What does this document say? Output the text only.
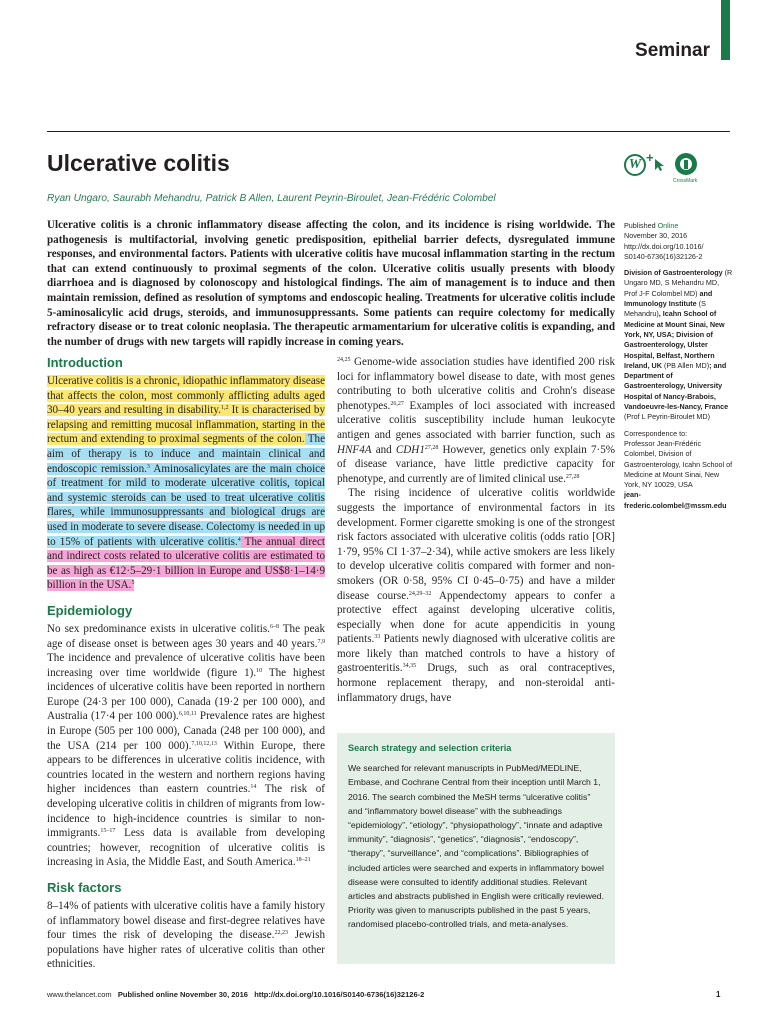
Seminar
Ulcerative colitis
Ryan Ungaro, Saurabh Mehandru, Patrick B Allen, Laurent Peyrin-Biroulet, Jean-Frédéric Colombel
W +
CrossMark

Ulcerative colitis is a chronic inflammatory disease affecting the colon, and its incidence is rising worldwide. The pathogenesis is multifactorial, involving genetic predisposition, epithelial barrier defects, dysregulated immune responses, and environmental factors. Patients with ulcerative colitis have mucosal inflammation starting in the rectum that can extend continuously to proximal segments of the colon. Ulcerative colitis usually presents with bloody diarrhoea and is diagnosed by colonoscopy and histological findings. The aim of management is to induce and then maintain remission, defined as resolution of symptoms and endoscopic healing. Treatments for ulcerative colitis include 5-aminosalicylic acid drugs, steroids, and immunosuppressants. Some patients can require colectomy for medically refractory disease or to treat colonic neoplasia. The therapeutic armamentarium for ulcerative colitis is expanding, and the number of drugs with new targets will rapidly increase in coming years.

Published Online
November 30, 2016
http://dx.doi.org/10.1016/
S0140-6736(16)32126-2

Division of Gastroenterology (R Ungaro MD, S Mehandru MD, Prof J-F Colombel MD) and Immunology Institute (S Mehandru), Icahn School of Medicine at Mount Sinai, New York, NY, USA; Division of Gastroenterology, Ulster Hospital, Belfast, Northern Ireland, UK (PB Allen MD); and Department of Gastroenterology, University Hospital of Nancy-Brabois, Vandoeuvre-les-Nancy, France (Prof L Peyrin-Biroulet MD)

Correspondence to:
Professor Jean-Frédéric Colombel, Division of Gastroenterology, Icahn School of Medicine at Mount Sinai, New York, NY 10029, USA
jean-frederic.colombel@mssm.edu

Introduction

Ulcerative colitis is a chronic, idiopathic inflammatory disease that affects the colon, most commonly afflicting adults aged 30–40 years and resulting in disability.$^{1,2}$ It is characterised by relapsing and remitting mucosal inflammation, starting in the rectum and extending to proximal segments of the colon. The aim of therapy is to induce and maintain clinical and endoscopic remission.$^3$ Aminosalicylates are the main choice of treatment for mild to moderate ulcerative colitis, topical and systemic steroids can be used to treat ulcerative colitis flares, while immunosuppressants and biological drugs are used in moderate to severe disease. Colectomy is needed in up to 15% of patients with ulcerative colitis.$^4$ The annual direct and indirect costs related to ulcerative colitis are estimated to be as high as €12·5–29·1 billion in Europe and US$8·1–14·9 billion in the USA.$^5$

Epidemiology

No sex predominance exists in ulcerative colitis.$^{6-8}$ The peak age of disease onset is between ages 30 years and 40 years.$^{7,9}$ The incidence and prevalence of ulcerative colitis have been increasing over time worldwide (figure 1).$^{10}$ The highest incidences of ulcerative colitis have been reported in northern Europe (24·3 per 100 000), Canada (19·2 per 100 000), and Australia (17·4 per 100 000).$^{6,10,11}$ Prevalence rates are highest in Europe (505 per 100 000), Canada (248 per 100 000), and the USA (214 per 100 000).$^{7,10,12,13}$ Within Europe, there appears to be differences in ulcerative colitis incidence, with countries located in the western and northern regions having higher incidences than eastern countries.$^{14}$ The risk of developing ulcerative colitis in children of migrants from low-incidence to high-incidence countries is similar to non-immigrants.$^{15-17}$ Less data is available from developing countries; however, recognition of ulcerative colitis is increasing in Asia, the Middle East, and South America.$^{18-21}$

Risk factors

8–14% of patients with ulcerative colitis have a family history of inflammatory bowel disease and first-degree relatives have four times the risk of developing the disease.$^{22,23}$ Jewish populations have higher rates of ulcerative colitis than other ethnicities.

$^{24,25}$ Genome-wide association studies have identified 200 risk loci for inflammatory bowel disease to date, with most genes contributing to both ulcerative colitis and Crohn's disease phenotypes.$^{26,27}$ Examples of loci associated with increased ulcerative colitis susceptibility include human leukocyte antigen and genes associated with barrier function, such as HNF4A and CDH1$^{27,28}$ However, genetics only explain 7·5% of disease variance, have little predictive capacity for phenotype, and currently are of limited clinical use.$^{27,28}$

The rising incidence of ulcerative colitis worldwide suggests the importance of environmental factors in its development. Former cigarette smoking is one of the strongest risk factors associated with ulcerative colitis (odds ratio [OR] 1·79, 95% CI 1·37–2·34), while active smokers are less likely to develop ulcerative colitis compared with former and non-smokers (OR 0·58, 95% CI 0·45–0·75) and have a milder disease course.$^{24,29-32}$ Appendectomy appears to confer a protective effect against developing ulcerative colitis, especially when done for acute appendicitis in young patients.$^{33}$ Patients newly diagnosed with ulcerative colitis are more likely than matched controls to have a history of gastroenteritis.$^{34,35}$ Drugs, such as oral contraceptives, hormone replacement therapy, and non-steroidal anti-inflammatory drugs, have

Search strategy and selection criteria
We searched for relevant manuscripts in PubMed/MEDLINE, Embase, and Cochrane Central from their inception until March 1, 2016. The search combined the MeSH terms “ulcerative colitis” and “inflammatory bowel disease” with the subheadings “epidemiology”, “etiology”, “physiopathology”, “innate and adaptive immunity”, “diagnosis”, “genetics”, “diagnosis”, “endoscopy”, “therapy”, “surveillance”, and “complications”. Bibliographies of included articles were searched and experts in inflammatory bowel disease were consulted to identify additional studies. Relevant articles and abstracts published in English were critically reviewed. Priority was given to manuscripts published in the past 5 years, randomised placebo-controlled trials, and meta-analyses.
www.thelancet.com Published online November 30, 2016 http://dx.doi.org/10.1016/S0140-6736(16)32126-2	1
